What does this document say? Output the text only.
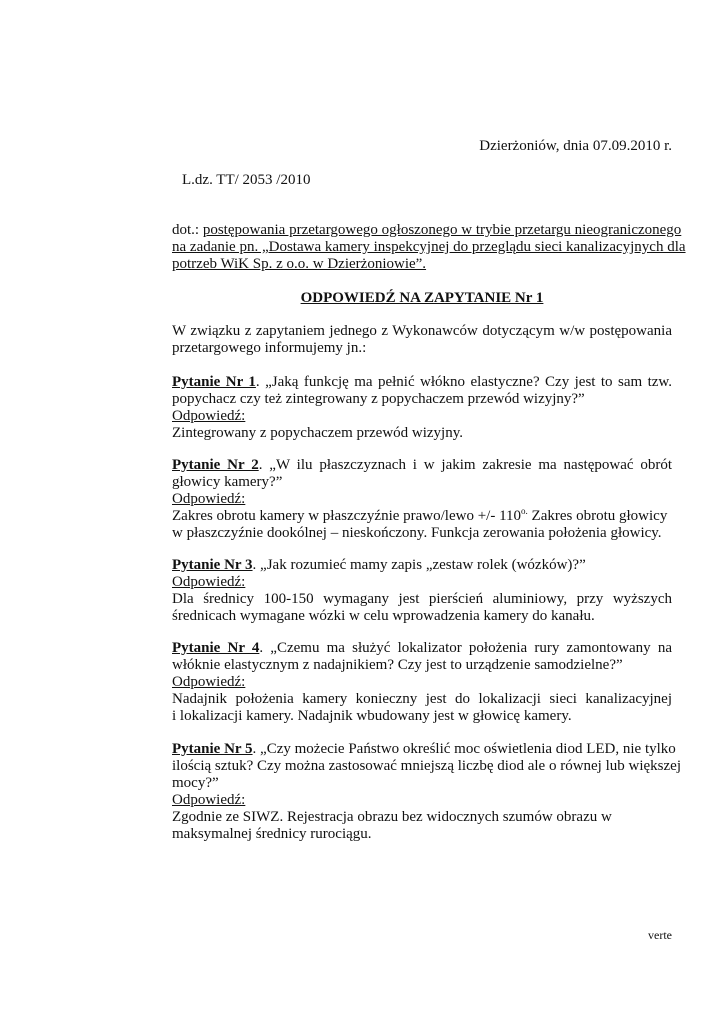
Dzierżoniów, dnia 07.09.2010 r.
L.dz. TT/ 2053 /2010
dot.: postępowania przetargowego ogłoszonego w trybie przetargu nieograniczonego
na zadanie pn. „Dostawa kamery inspekcyjnej do przeglądu sieci kanalizacyjnych dla
potrzeb WiK Sp. z o.o. w Dzierżoniowie”.
ODPOWIEDŹ NA ZAPYTANIE Nr 1
W związku z zapytaniem jednego z Wykonawców dotyczącym w/w postępowania
przetargowego informujemy jn.:
Pytanie Nr 1. „Jaką funkcję ma pełnić włókno elastyczne? Czy jest to sam tzw.
popychacz czy też zintegrowany z popychaczem przewód wizyjny?”
Odpowiedź:
Zintegrowany z popychaczem przewód wizyjny.
Pytanie Nr 2. „W ilu płaszczyznach i w jakim zakresie ma następować obrót
głowicy kamery?”
Odpowiedź:
Zakres obrotu kamery w płaszczyźnie prawo/lewo +/- $110^{o.}$ Zakres obrotu głowicy
w płaszczyźnie dookólnej – nieskończony. Funkcja zerowania położenia głowicy.
Pytanie Nr 3. „Jak rozumieć mamy zapis „zestaw rolek (wózków)?”
Odpowiedź:
Dla średnicy 100-150 wymagany jest pierścień aluminiowy, przy wyższych
średnicach wymagane wózki w celu wprowadzenia kamery do kanału.
Pytanie Nr 4. „Czemu ma służyć lokalizator położenia rury zamontowany na
włóknie elastycznym z nadajnikiem? Czy jest to urządzenie samodzielne?”
Odpowiedź:
Nadajnik położenia kamery konieczny jest do lokalizacji sieci kanalizacyjnej
i lokalizacji kamery. Nadajnik wbudowany jest w głowicę kamery.
Pytanie Nr 5. „Czy możecie Państwo określić moc oświetlenia diod LED, nie tylko
ilością sztuk? Czy można zastosować mniejszą liczbę diod ale o równej lub większej
mocy?”
Odpowiedź:
Zgodnie ze SIWZ. Rejestracja obrazu bez widocznych szumów obrazu w
maksymalnej średnicy rurociągu.
verte
